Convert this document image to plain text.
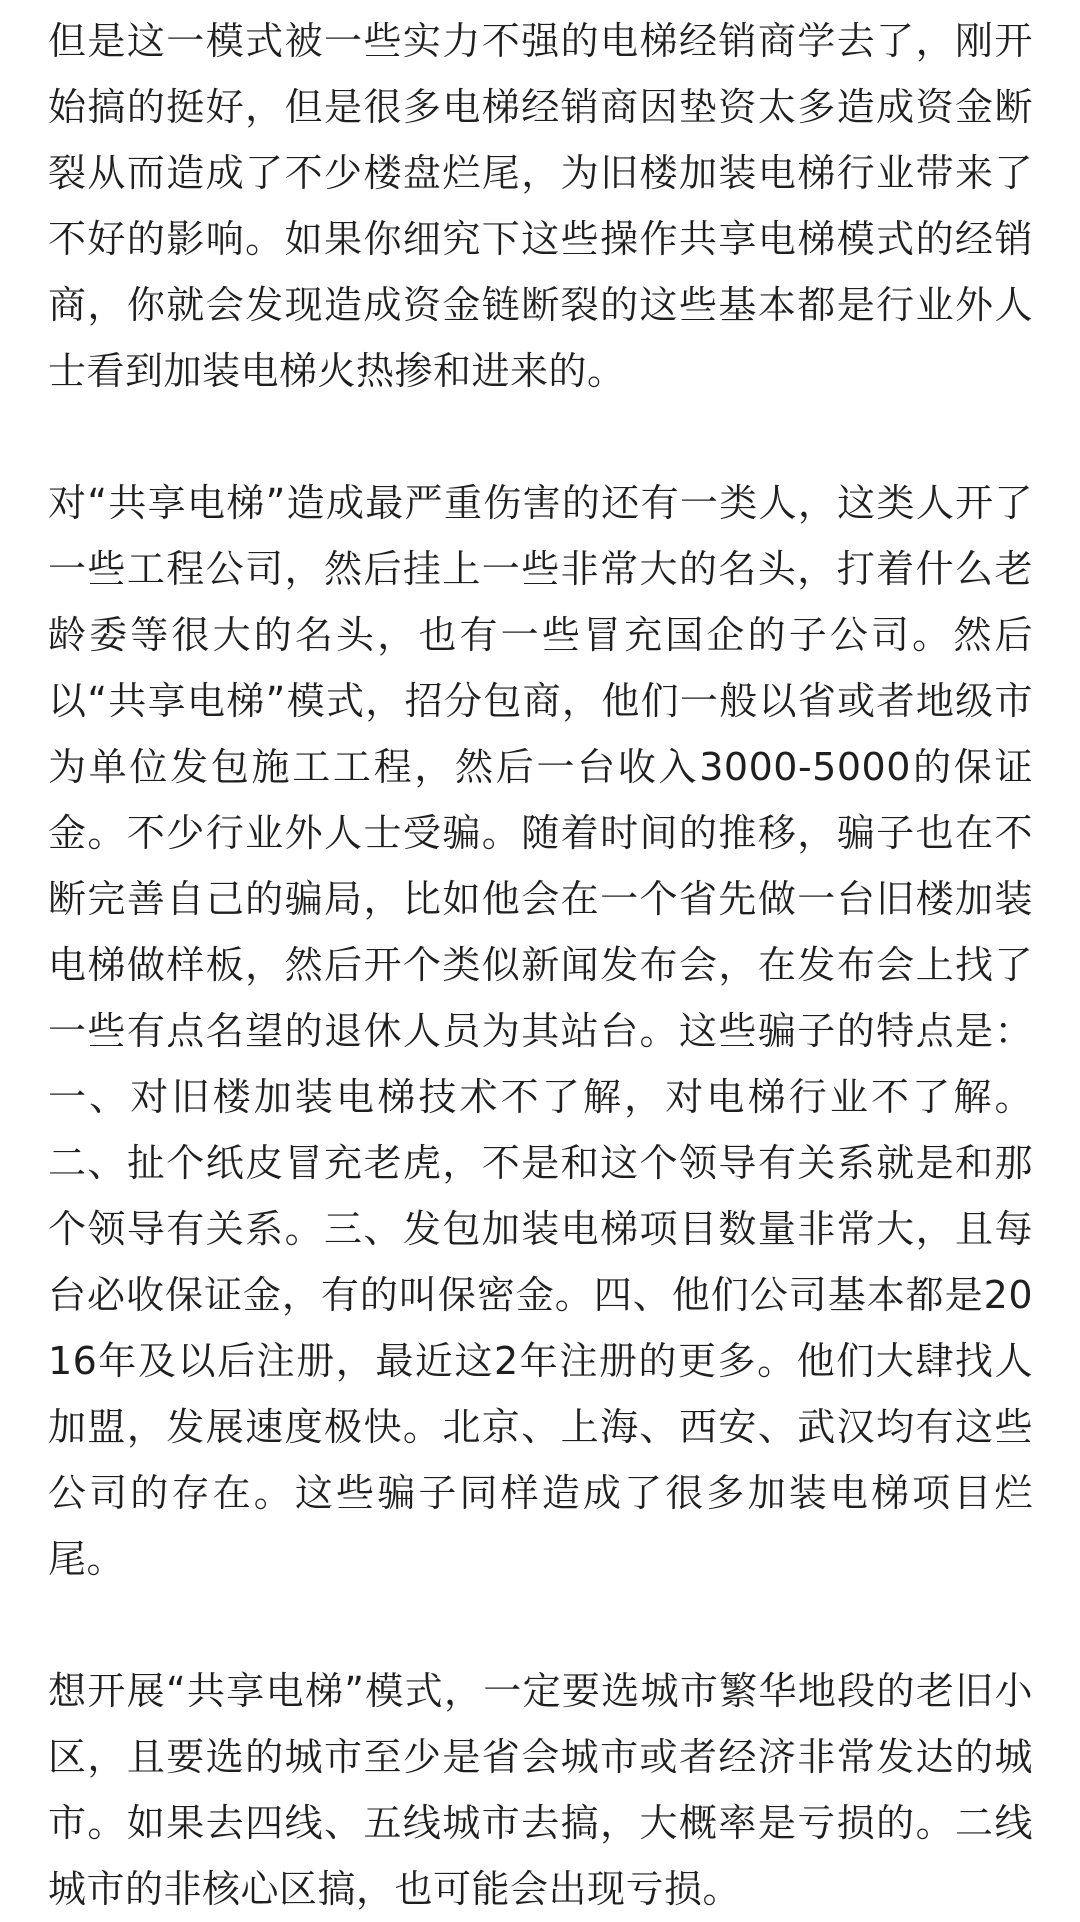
但是这一模式被一些实力不强的电梯经销商学去了，刚开始搞的挺好，但是很多电梯经销商因垫资太多造成资金断裂从而造成了不少楼盘烂尾，为旧楼加装电梯行业带来了不好的影响。如果你细究下这些操作共享电梯模式的经销商，你就会发现造成资金链断裂的这些基本都是行业外人士看到加装电梯火热掺和进来的。

对“共享电梯”造成最严重伤害的还有一类人，这类人开了一些工程公司，然后挂上一些非常大的名头，打着什么老龄委等很大的名头，也有一些冒充国企的子公司。然后以“共享电梯”模式，招分包商，他们一般以省或者地级市为单位发包施工工程，然后一台收入3000-5000的保证金。不少行业外人士受骗。随着时间的推移，骗子也在不断完善自己的骗局，比如他会在一个省先做一台旧楼加装电梯做样板，然后开个类似新闻发布会，在发布会上找了一些有点名望的退休人员为其站台。这些骗子的特点是：一、对旧楼加装电梯技术不了解，对电梯行业不了解。二、扯个纸皮冒充老虎，不是和这个领导有关系就是和那个领导有关系。三、发包加装电梯项目数量非常大，且每台必收保证金，有的叫保密金。四、他们公司基本都是2016年及以后注册，最近这2年注册的更多。他们大肆找人加盟，发展速度极快。北京、上海、西安、武汉均有这些公司的存在。这些骗子同样造成了很多加装电梯项目烂尾。

想开展“共享电梯”模式，一定要选城市繁华地段的老旧小区，且要选的城市至少是省会城市或者经济非常发达的城市。如果去四线、五线城市去搞，大概率是亏损的。二线城市的非核心区搞，也可能会出现亏损。
